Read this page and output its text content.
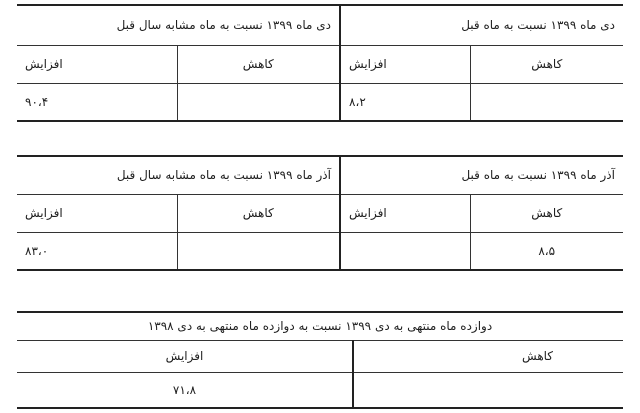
دی ماه ۱۳۹۹ نسبت به ماه قبل		دی ماه ۱۳۹۹ نسبت به ماه مشابه سال قبل	
کاهش	افزایش	کاهش	افزایش
	۸،۲		۹۰،۴
آذر ماه ۱۳۹۹ نسبت به ماه قبل		آذر ماه ۱۳۹۹ نسبت به ماه مشابه سال قبل	
کاهش	افزایش	کاهش	افزایش
۸،۵			۸۳،۰
دوازده ماه منتهی به دی ۱۳۹۹ نسبت به دوازده ماه منتهی به دی ۱۳۹۸	
کاهش	افزایش
	۷۱،۸
